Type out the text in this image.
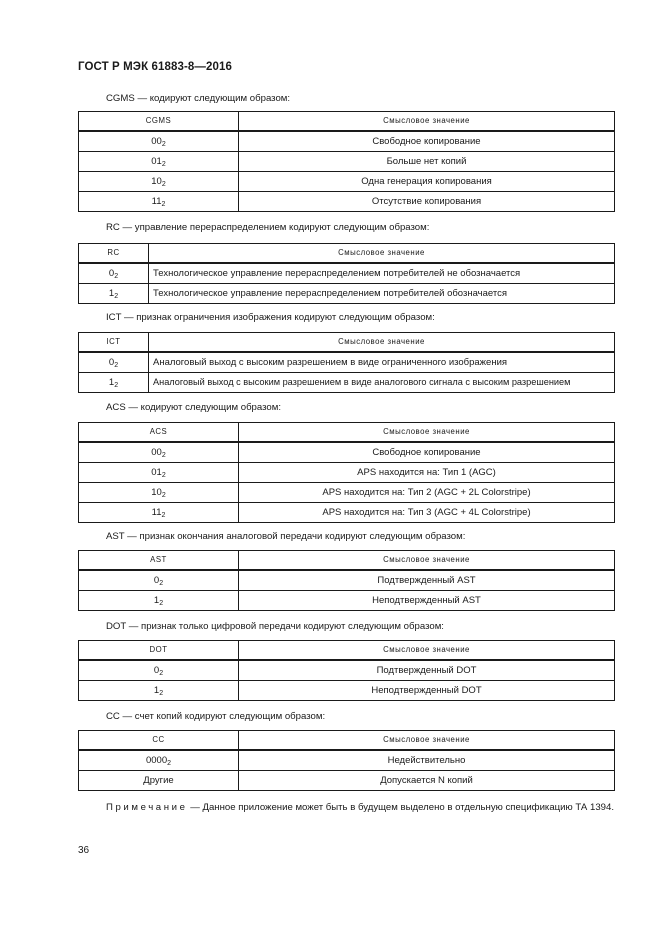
ГОСТ Р МЭК 61883-8—2016
CGMS — кодируют следующим образом:
CGMS	Смысловое значение
$00_2$	Свободное копирование
$01_2$	Больше нет копий
$10_2$	Одна генерация копирования
$11_2$	Отсутствие копирования
RC — управление перераспределением кодируют следующим образом:
RC	Смысловое значение
$0_2$	Технологическое управление перераспределением потребителей не обозначается
$1_2$	Технологическое управление перераспределением потребителей обозначается
ICT — признак ограничения изображения кодируют следующим образом:
ICT	Смысловое значение
$0_2$	Аналоговый выход с высоким разрешением в виде ограниченного изображения
$1_2$	Аналоговый выход с высоким разрешением в виде аналогового сигнала с высоким разрешением
ACS — кодируют следующим образом:
ACS	Смысловое значение
$00_2$	Свободное копирование
$01_2$	APS находится на: Тип 1 (AGC)
$10_2$	APS находится на: Тип 2 (AGC + 2L Colorstripe)
$11_2$	APS находится на: Тип 3 (AGC + 4L Colorstripe)
AST — признак окончания аналоговой передачи кодируют следующим образом:
AST	Смысловое значение
$0_2$	Подтвержденный AST
$1_2$	Неподтвержденный AST
DOT — признак только цифровой передачи кодируют следующим образом:
DOT	Смысловое значение
$0_2$	Подтвержденный DOT
$1_2$	Неподтвержденный DOT
CC — счет копий кодируют следующим образом:
CC	Смысловое значение
$0000_2$	Недействительно
Другие	Допускается N копий
Примечание — Данное приложение может быть в будущем выделено в отдельную спецификацию ТА 1394.
36
